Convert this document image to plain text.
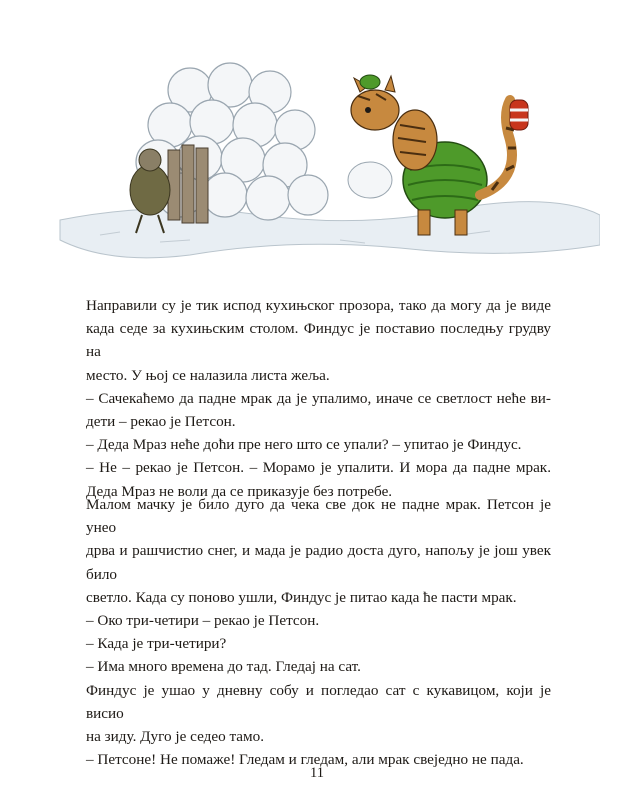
Направили су је тик испод кухињског прозора, тако да могу да је виде

када седе за кухињским столом. Финдус је поставио последњу грудву на

место. У њој се налазила листа жеља.

– Сачекаћемо да падне мрак да је упалимо, иначе се светлост неће ви-

дети – рекао је Петсон.

– Деда Мраз неће доћи пре него што се упали? – упитао је Финдус.

– Не – рекао је Петсон. – Морамо је упалити. И мора да падне мрак.

Деда Мраз не воли да се приказује без потребе.

Малом мачку је било дуго да чека све док не падне мрак. Петсон је унео

дрва и рашчистио снег, и мада је радио доста дуго, напољу је још увек било

светло. Када су поново ушли, Финдус је питао када ће пасти мрак.

– Око три-четири – рекао је Петсон.

– Када је три-четири?

– Има много времена до тад. Гледај на сат.

Финдус је ушао у дневну собу и погледао сат с кукавицом, који је висио

на зиду. Дуго је седео тамо.

– Петсоне! Не помаже! Гледам и гледам, али мрак свеједно не пада.

11
